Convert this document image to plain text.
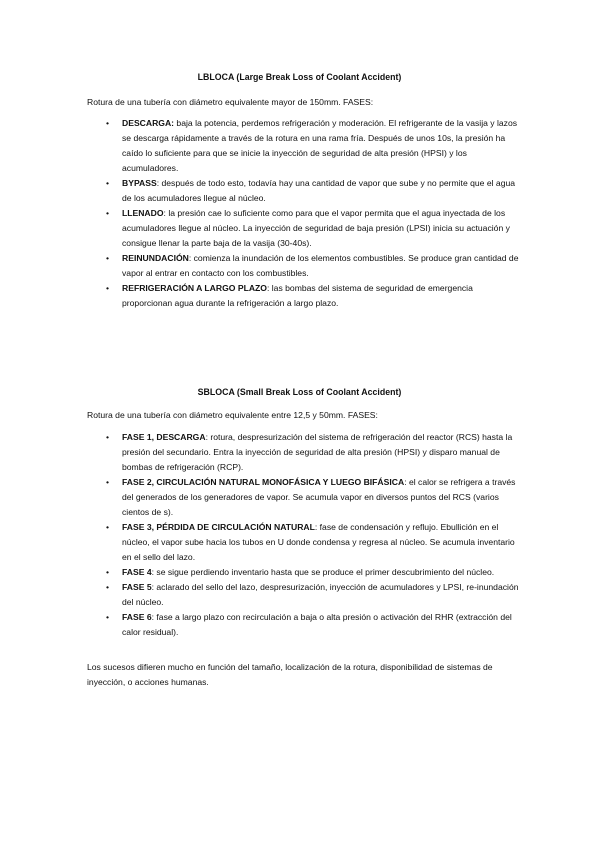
LBLOCA (Large Break Loss of Coolant Accident)
Rotura de una tubería con diámetro equivalente mayor de 150mm. FASES:
• DESCARGA: baja la potencia, perdemos refrigeración y moderación. El refrigerante de la vasija y lazos se descarga rápidamente a través de la rotura en una rama fría. Después de unos 10s, la presión ha caído lo suficiente para que se inicie la inyección de seguridad de alta presión (HPSI) y los acumuladores.
• BYPASS: después de todo esto, todavía hay una cantidad de vapor que sube y no permite que el agua de los acumuladores llegue al núcleo.
• LLENADO: la presión cae lo suficiente como para que el vapor permita que el agua inyectada de los acumuladores llegue al núcleo. La inyección de seguridad de baja presión (LPSI) inicia su actuación y consigue llenar la parte baja de la vasija (30-40s).
• REINUNDACIÓN: comienza la inundación de los elementos combustibles. Se produce gran cantidad de vapor al entrar en contacto con los combustibles.
• REFRIGERACIÓN A LARGO PLAZO: las bombas del sistema de seguridad de emergencia proporcionan agua durante la refrigeración a largo plazo.
SBLOCA (Small Break Loss of Coolant Accident)
Rotura de una tubería con diámetro equivalente entre 12,5 y 50mm. FASES:
• FASE 1, DESCARGA: rotura, despresurización del sistema de refrigeración del reactor (RCS) hasta la presión del secundario. Entra la inyección de seguridad de alta presión (HPSI) y disparo manual de bombas de refrigeración (RCP).
• FASE 2, CIRCULACIÓN NATURAL MONOFÁSICA Y LUEGO BIFÁSICA: el calor se refrigera a través del generados de los generadores de vapor. Se acumula vapor en diversos puntos del RCS (varios cientos de s).
• FASE 3, PÉRDIDA DE CIRCULACIÓN NATURAL: fase de condensación y reflujo. Ebullición en el núcleo, el vapor sube hacia los tubos en U donde condensa y regresa al núcleo. Se acumula inventario en el sello del lazo.
• FASE 4: se sigue perdiendo inventario hasta que se produce el primer descubrimiento del núcleo.
• FASE 5: aclarado del sello del lazo, despresurización, inyección de acumuladores y LPSI, re-inundación del núcleo.
• FASE 6: fase a largo plazo con recirculación a baja o alta presión o activación del RHR (extracción del calor residual).
Los sucesos difieren mucho en función del tamaño, localización de la rotura, disponibilidad de sistemas de inyección, o acciones humanas.
